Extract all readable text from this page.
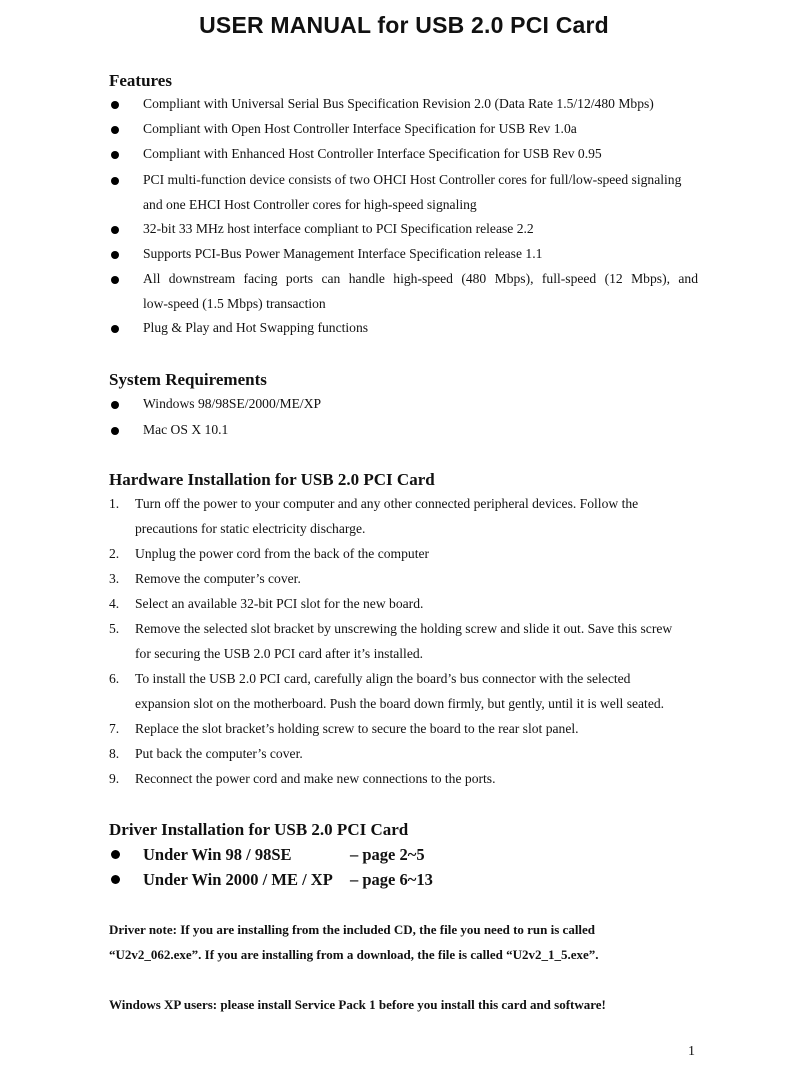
USER MANUAL for USB 2.0 PCI Card
Features
Compliant with Universal Serial Bus Specification Revision 2.0 (Data Rate 1.5/12/480 Mbps)
Compliant with Open Host Controller Interface Specification for USB Rev 1.0a
Compliant with Enhanced Host Controller Interface Specification for USB Rev 0.95
PCI multi-function device consists of two OHCI Host Controller cores for full/low-speed signaling
and one EHCI Host Controller cores for high-speed signaling
32-bit 33 MHz host interface compliant to PCI Specification release 2.2
Supports PCI-Bus Power Management Interface Specification release 1.1
All downstream facing ports can handle high-speed (480 Mbps), full-speed (12 Mbps), and
low-speed (1.5 Mbps) transaction
Plug & Play and Hot Swapping functions
System Requirements
Windows 98/98SE/2000/ME/XP
Mac OS X 10.1
Hardware Installation for USB 2.0 PCI Card
1. Turn off the power to your computer and any other connected peripheral devices. Follow the
precautions for static electricity discharge.
2. Unplug the power cord from the back of the computer
3. Remove the computer’s cover.
4. Select an available 32-bit PCI slot for the new board.
5. Remove the selected slot bracket by unscrewing the holding screw and slide it out. Save this screw
for securing the USB 2.0 PCI card after it’s installed.
6. To install the USB 2.0 PCI card, carefully align the board’s bus connector with the selected
expansion slot on the motherboard. Push the board down firmly, but gently, until it is well seated.
7. Replace the slot bracket’s holding screw to secure the board to the rear slot panel.
8. Put back the computer’s cover.
9. Reconnect the power cord and make new connections to the ports.
Driver Installation for USB 2.0 PCI Card
Under Win 98 / 98SE	– page 2~5
Under Win 2000 / ME / XP – page 6~13
Driver note: If you are installing from the included CD, the file you need to run is called
“U2v2_062.exe”. If you are installing from a download, the file is called “U2v2_1_5.exe”.
Windows XP users: please install Service Pack 1 before you install this card and software!
1
